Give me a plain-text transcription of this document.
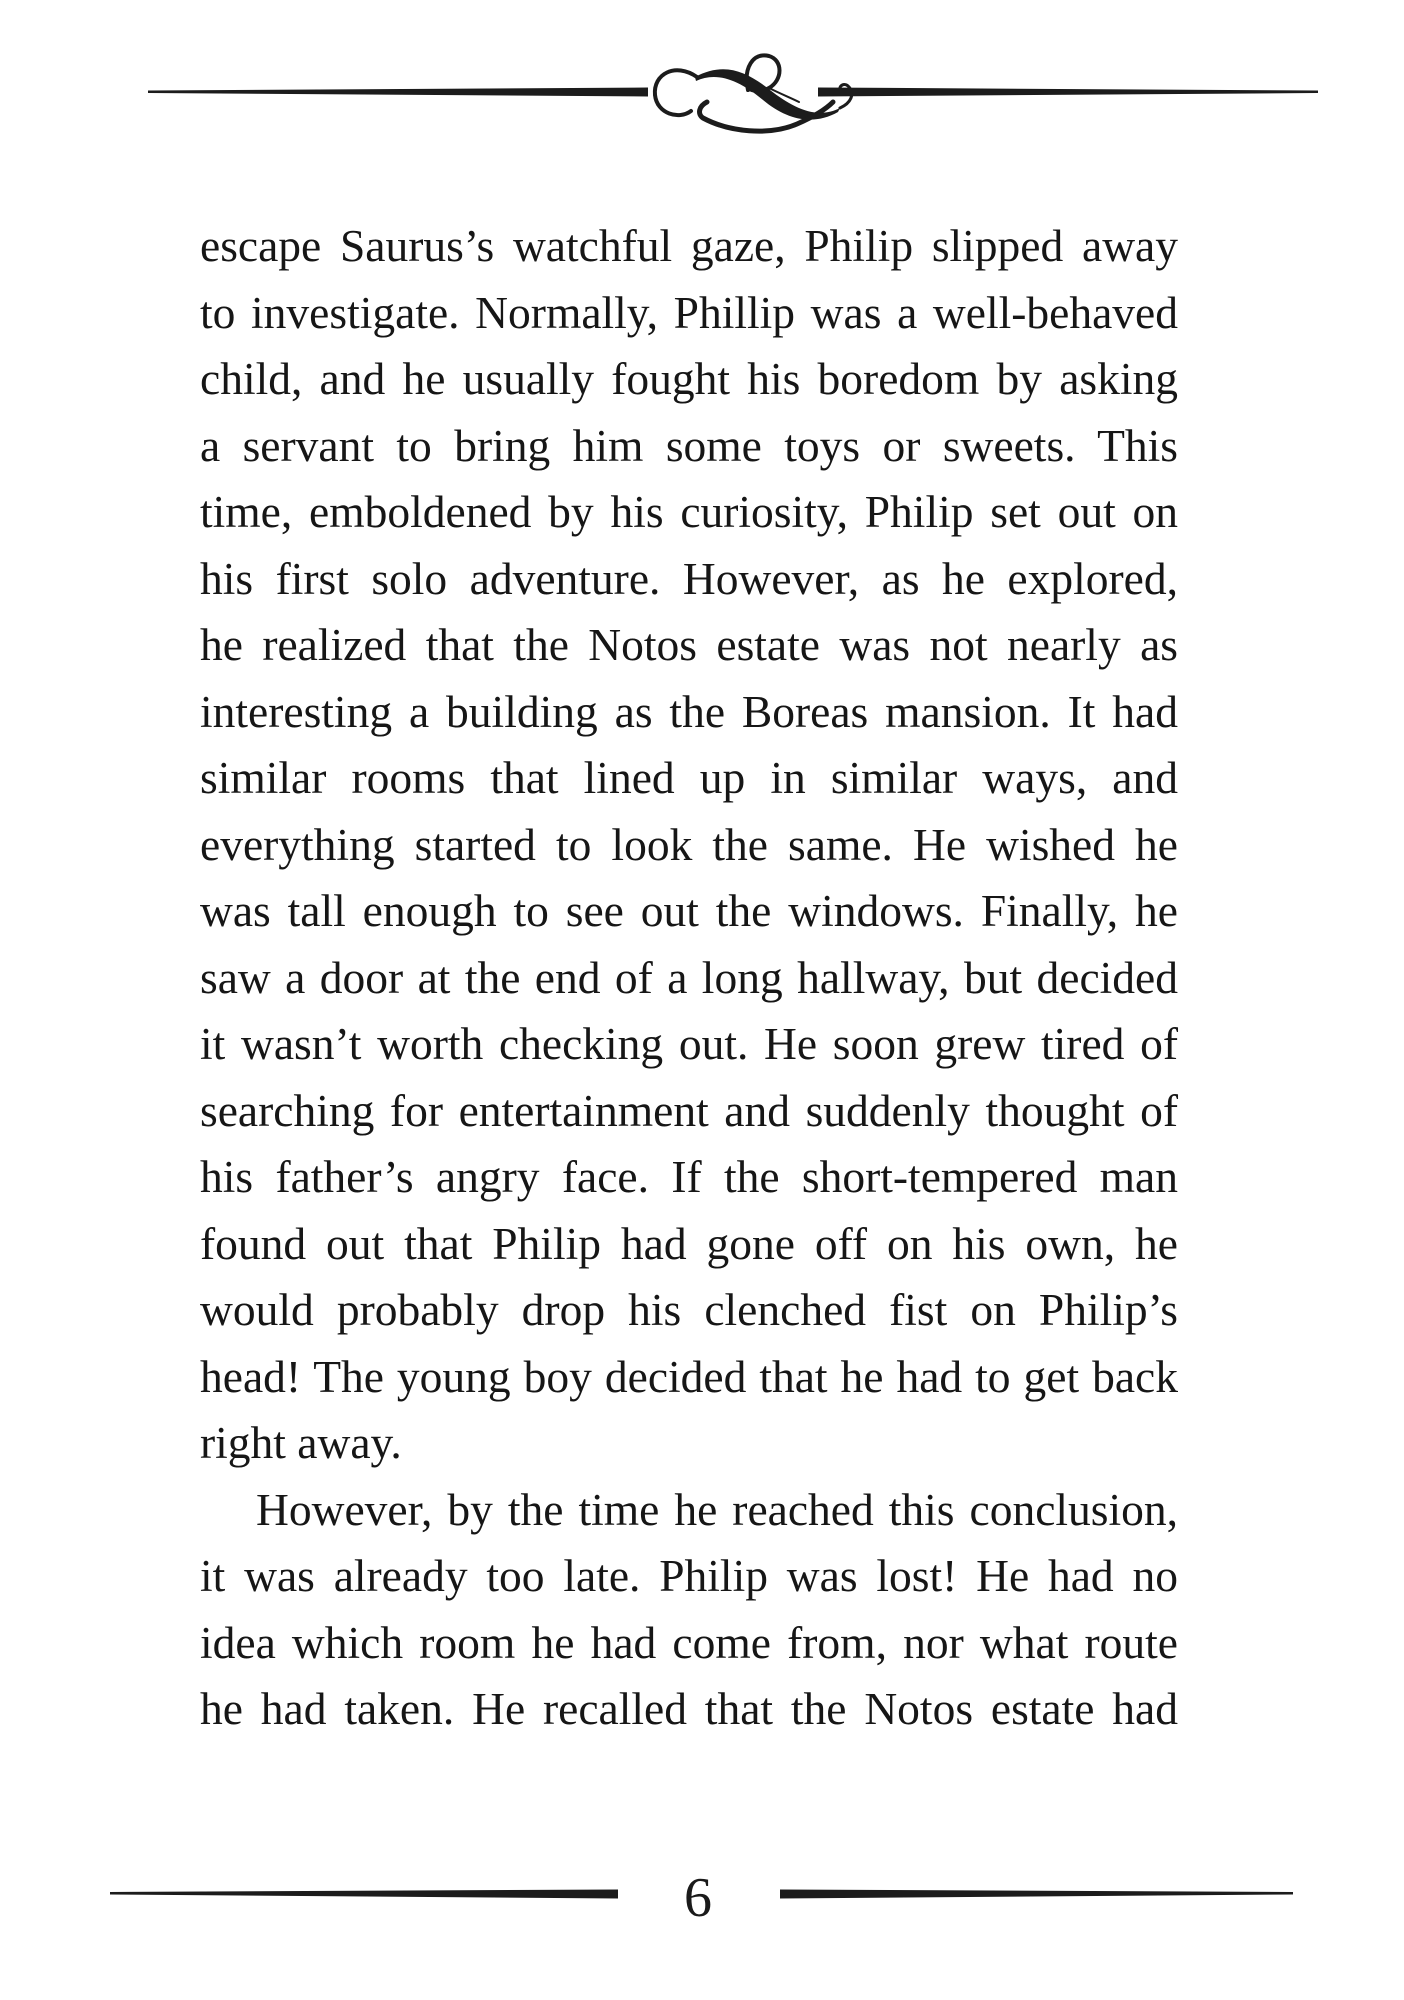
escape Saurus’s watchful gaze, Philip slipped away
to investigate. Normally, Phillip was a well-behaved
child, and he usually fought his boredom by asking
a servant to bring him some toys or sweets. This
time, emboldened by his curiosity, Philip set out on
his first solo adventure. However, as he explored,
he realized that the Notos estate was not nearly as
interesting a building as the Boreas mansion. It had
similar rooms that lined up in similar ways, and
everything started to look the same. He wished he
was tall enough to see out the windows. Finally, he
saw a door at the end of a long hallway, but decided
it wasn’t worth checking out. He soon grew tired of
searching for entertainment and suddenly thought of
his father’s angry face. If the short-tempered man
found out that Philip had gone off on his own, he
would probably drop his clenched fist on Philip’s
head! The young boy decided that he had to get back
right away.
However, by the time he reached this conclusion,
it was already too late. Philip was lost! He had no
idea which room he had come from, nor what route
he had taken. He recalled that the Notos estate had
6
